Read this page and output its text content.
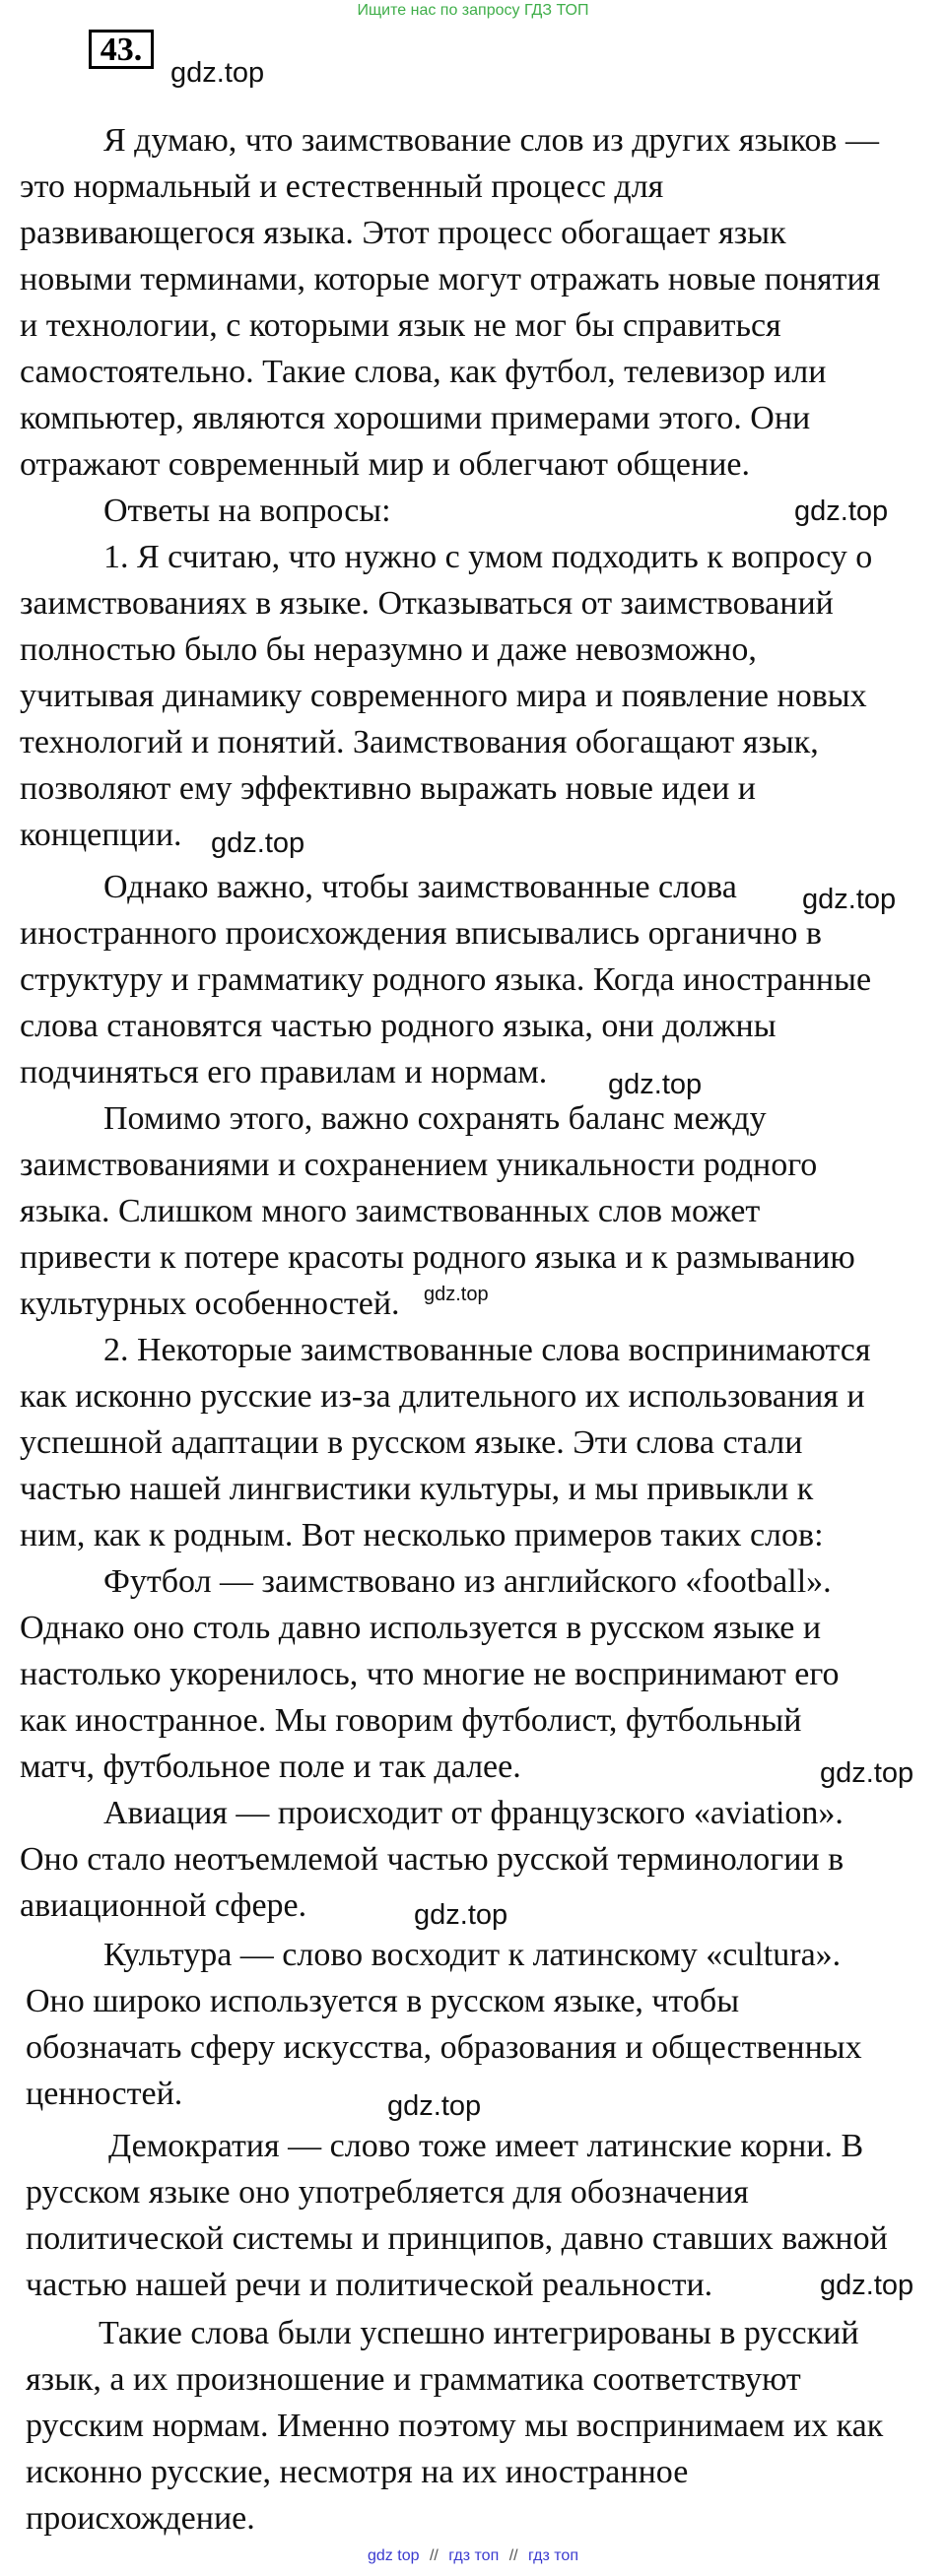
Ищите нас по запросу ГДЗ ТОП
43.
gdz.top
Я думаю, что заимствование слов из других языков —
это нормальный и естественный процесс для
развивающегося языка. Этот процесс обогащает язык
новыми терминами, которые могут отражать новые понятия
и технологии, с которыми язык не мог бы справиться
самостоятельно. Такие слова, как футбол, телевизор или
компьютер, являются хорошими примерами этого. Они
отражают современный мир и облегчают общение.
Ответы на вопросы:	gdz.top
1. Я считаю, что нужно с умом подходить к вопросу о
заимствованиях в языке. Отказываться от заимствований
полностью было бы неразумно и даже невозможно,
учитывая динамику современного мира и появление новых
технологий и понятий. Заимствования обогащают язык,
позволяют ему эффективно выражать новые идеи и
концепции. gdz.top
Однако важно, чтобы заимствованные слова gdz.top
иностранного происхождения вписывались органично в
структуру и грамматику родного языка. Когда иностранные
слова становятся частью родного языка, они должны
подчиняться его правилам и нормам. gdz.top
Помимо этого, важно сохранять баланс между
заимствованиями и сохранением уникальности родного
языка. Слишком много заимствованных слов может
привести к потере красоты родного языка и к размыванию
культурных особенностей. gdz.top
2. Некоторые заимствованные слова воспринимаются
как исконно русские из-за длительного их использования и
успешной адаптации в русском языке. Эти слова стали
частью нашей лингвистики культуры, и мы привыкли к
ним, как к родным. Вот несколько примеров таких слов:
Футбол — заимствовано из английского «football».
Однако оно столь давно используется в русском языке и
настолько укоренилось, что многие не воспринимают его
как иностранное. Мы говорим футболист, футбольный
матч, футбольное поле и так далее.	gdz.top
Авиация — происходит от французского «aviation».
Оно стало неотъемлемой частью русской терминологии в
авиационной сфере.	gdz.top
Культура — слово восходит к латинскому «cultura».
Оно широко используется в русском языке, чтобы
обозначать сферу искусства, образования и общественных
ценностей.	gdz.top
Демократия — слово тоже имеет латинские корни. В
русском языке оно употребляется для обозначения
политической системы и принципов, давно ставших важной
частью нашей речи и политической реальности.	gdz.top
Такие слова были успешно интегрированы в русский
язык, а их произношение и грамматика соответствуют
русским нормам. Именно поэтому мы воспринимаем их как
исконно русские, несмотря на их иностранное
происхождение.
gdz top // гдз топ // гдз топ
